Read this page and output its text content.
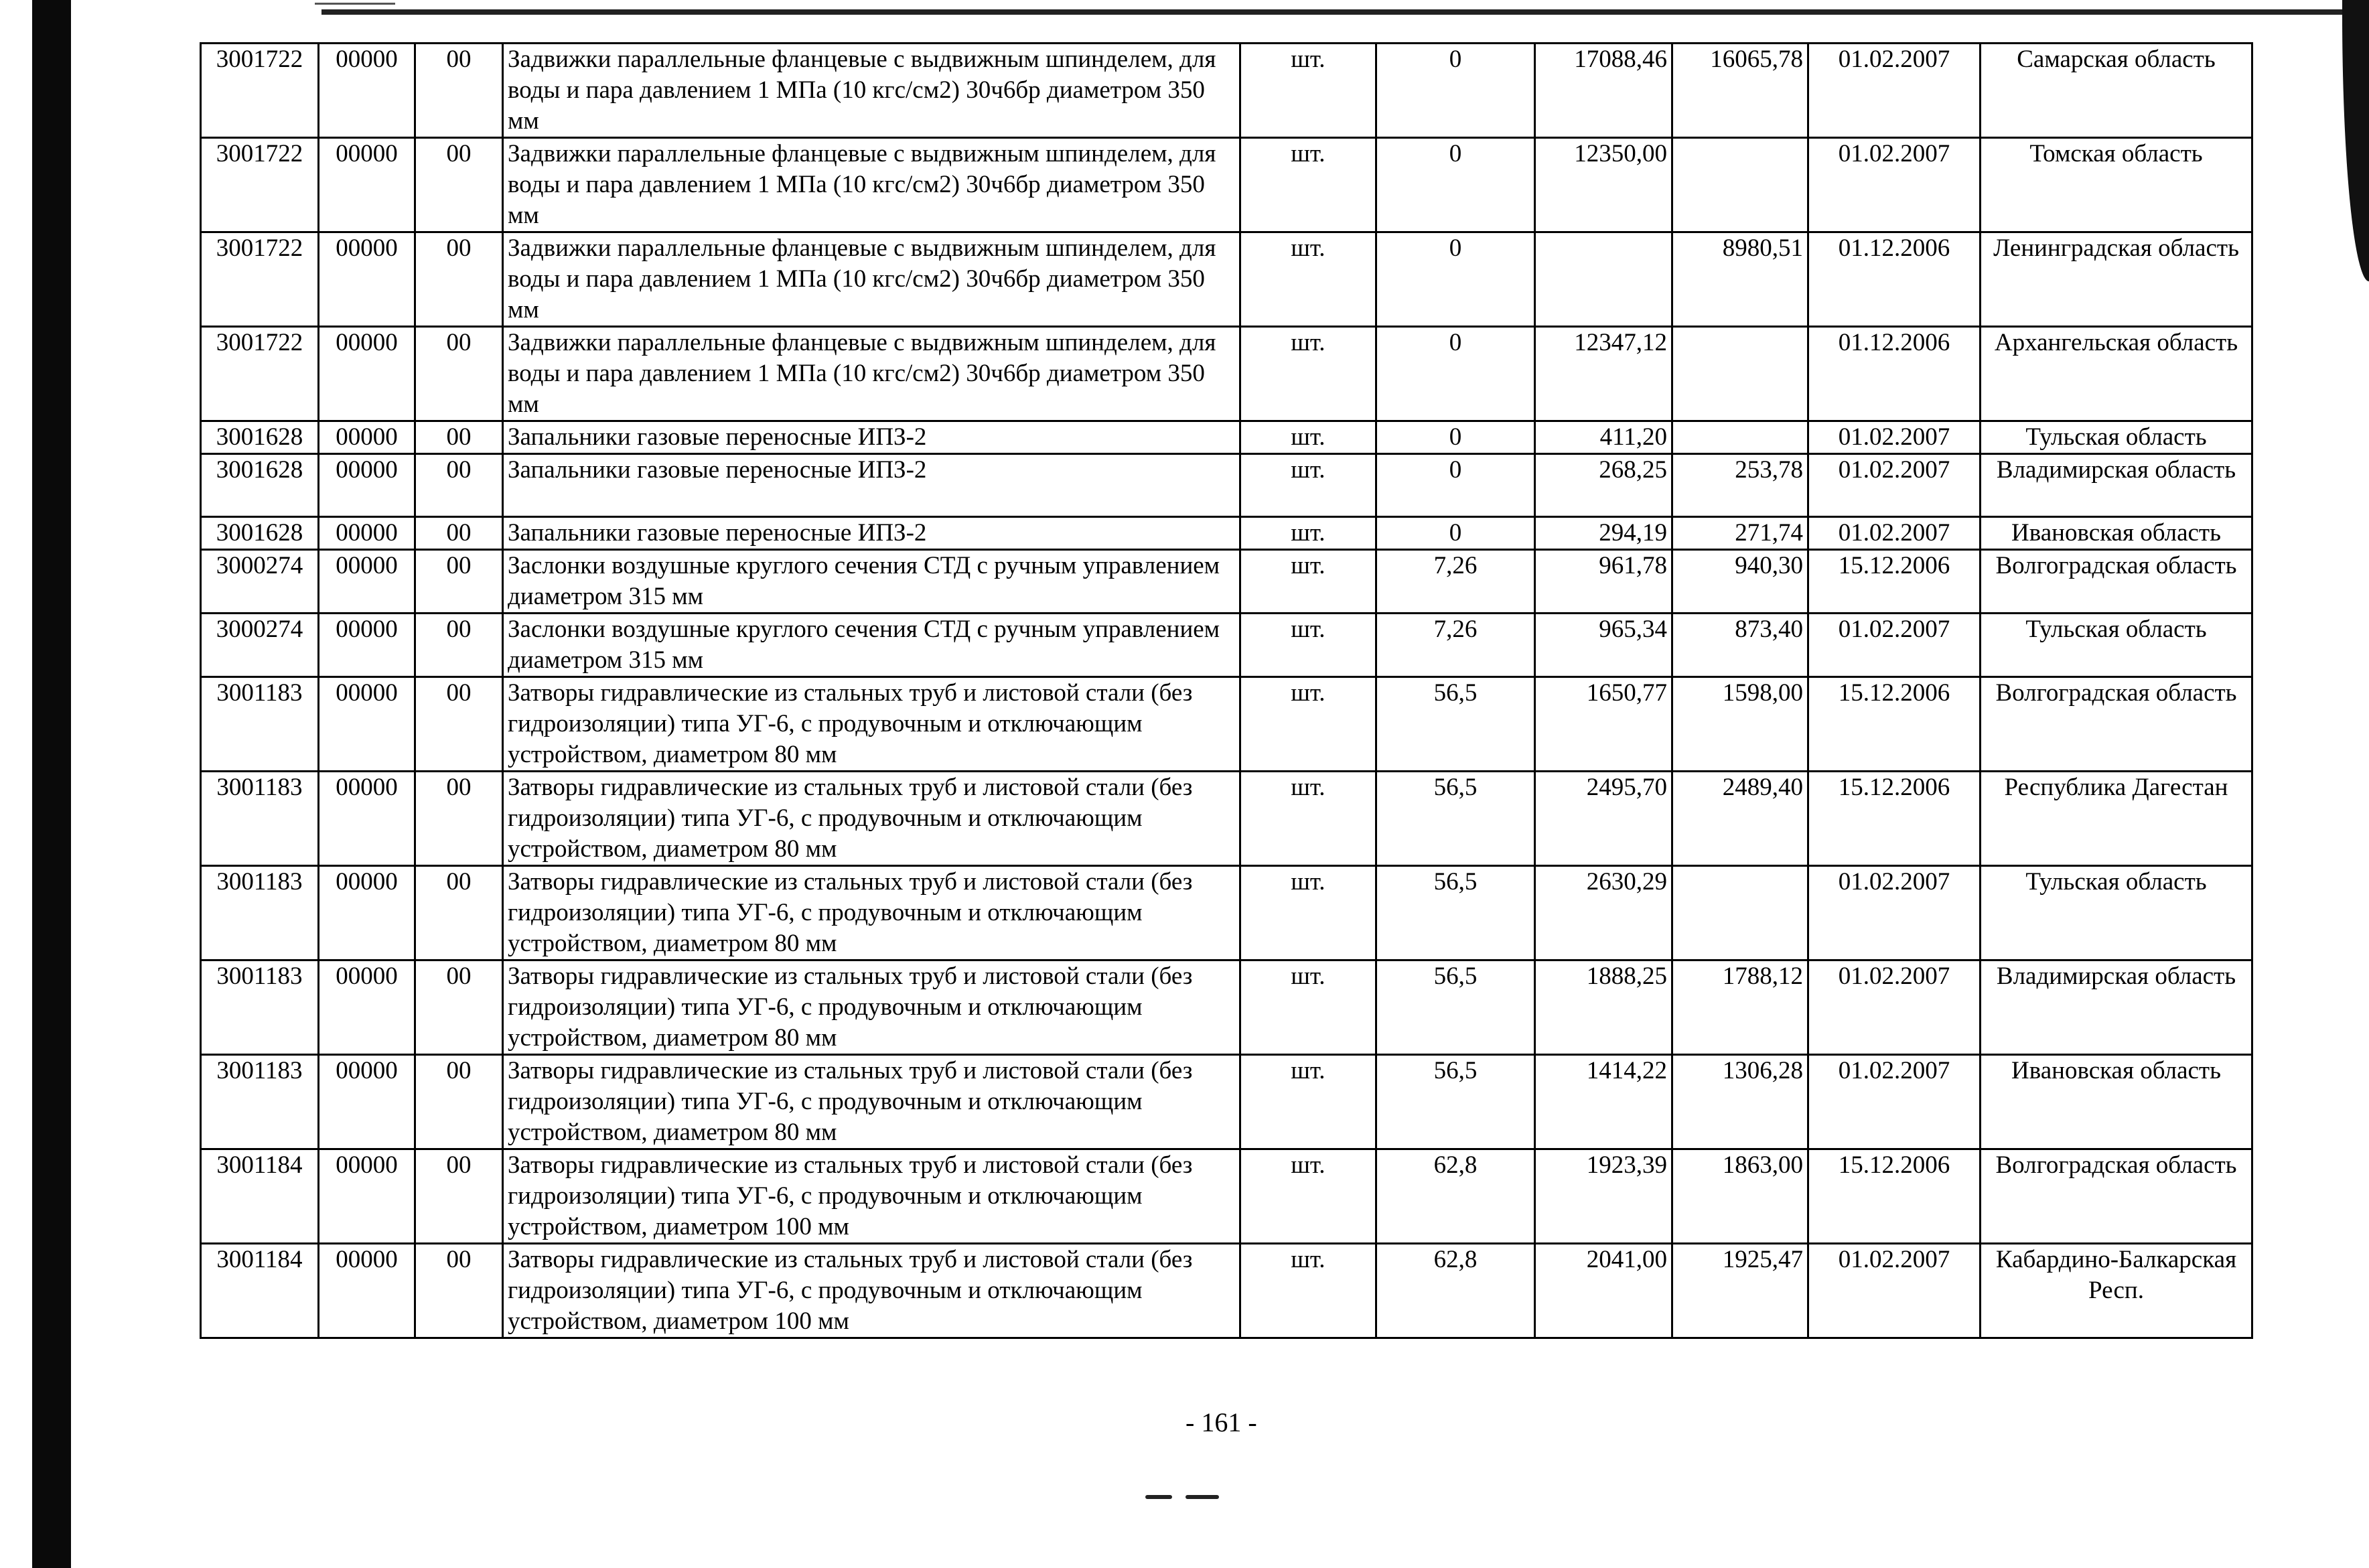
3001722	00000	00	Задвижки параллельные фланцевые с выдвижным шпинделем, для воды и пара давлением 1 МПа (10 кгс/см2) 30ч6бр диаметром 350 мм	шт.	0	17088,46	16065,78	01.02.2007	Самарская область
3001722	00000	00	Задвижки параллельные фланцевые с выдвижным шпинделем, для воды и пара давлением 1 МПа (10 кгс/см2) 30ч6бр диаметром 350 мм	шт.	0	12350,00		01.02.2007	Томская область
3001722	00000	00	Задвижки параллельные фланцевые с выдвижным шпинделем, для воды и пара давлением 1 МПа (10 кгс/см2) 30ч6бр диаметром 350 мм	шт.	0		8980,51	01.12.2006	Ленинградская область
3001722	00000	00	Задвижки параллельные фланцевые с выдвижным шпинделем, для воды и пара давлением 1 МПа (10 кгс/см2) 30ч6бр диаметром 350 мм	шт.	0	12347,12		01.12.2006	Архангельская область
3001628	00000	00	Запальники газовые переносные ИПЗ-2	шт.	0	411,20		01.02.2007	Тульская область
3001628	00000	00	Запальники газовые переносные ИПЗ-2	шт.	0	268,25	253,78	01.02.2007	Владимирская область
3001628	00000	00	Запальники газовые переносные ИПЗ-2	шт.	0	294,19	271,74	01.02.2007	Ивановская область
3000274	00000	00	Заслонки воздушные круглого сечения СТД с ручным управлением диаметром 315 мм	шт.	7,26	961,78	940,30	15.12.2006	Волгоградская область
3000274	00000	00	Заслонки воздушные круглого сечения СТД с ручным управлением диаметром 315 мм	шт.	7,26	965,34	873,40	01.02.2007	Тульская область
3001183	00000	00	Затворы гидравлические из стальных труб и листовой стали (без гидроизоляции) типа УГ-6, с продувочным и отключающим устройством, диаметром 80 мм	шт.	56,5	1650,77	1598,00	15.12.2006	Волгоградская область
3001183	00000	00	Затворы гидравлические из стальных труб и листовой стали (без гидроизоляции) типа УГ-6, с продувочным и отключающим устройством, диаметром 80 мм	шт.	56,5	2495,70	2489,40	15.12.2006	Республика Дагестан
3001183	00000	00	Затворы гидравлические из стальных труб и листовой стали (без гидроизоляции) типа УГ-6, с продувочным и отключающим устройством, диаметром 80 мм	шт.	56,5	2630,29		01.02.2007	Тульская область
3001183	00000	00	Затворы гидравлические из стальных труб и листовой стали (без гидроизоляции) типа УГ-6, с продувочным и отключающим устройством, диаметром 80 мм	шт.	56,5	1888,25	1788,12	01.02.2007	Владимирская область
3001183	00000	00	Затворы гидравлические из стальных труб и листовой стали (без гидроизоляции) типа УГ-6, с продувочным и отключающим устройством, диаметром 80 мм	шт.	56,5	1414,22	1306,28	01.02.2007	Ивановская область
3001184	00000	00	Затворы гидравлические из стальных труб и листовой стали (без гидроизоляции) типа УГ-6, с продувочным и отключающим устройством, диаметром 100 мм	шт.	62,8	1923,39	1863,00	15.12.2006	Волгоградская область
3001184	00000	00	Затворы гидравлические из стальных труб и листовой стали (без гидроизоляции) типа УГ-6, с продувочным и отключающим устройством, диаметром 100 мм	шт.	62,8	2041,00	1925,47	01.02.2007	Кабардино-Балкарская Респ.
- 161 -
